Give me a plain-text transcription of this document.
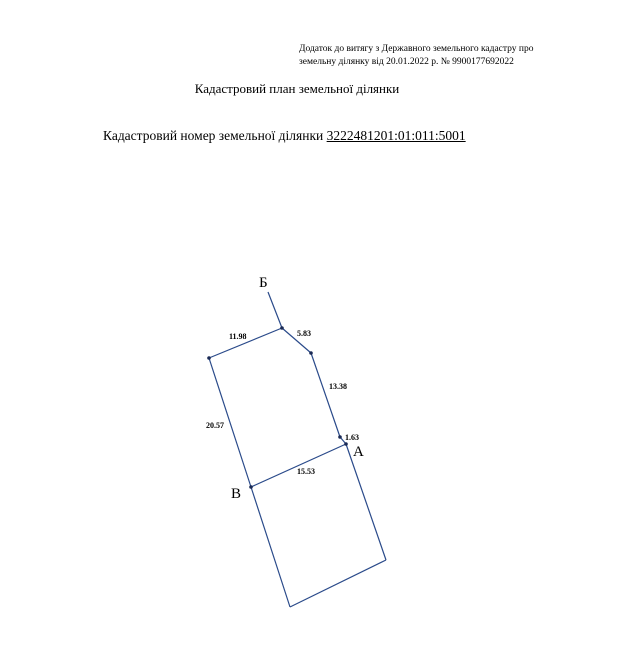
Додаток до витягу з Державного земельного кадастру про
земельну ділянку від 20.01.2022 р. № 9900177692022
Кадастровий план земельної ділянки
Кадастровий номер земельної ділянки 3222481201:01:011:5001
Б
А
В
11.98	5.83
13.38
20.57
1.63
15.53
